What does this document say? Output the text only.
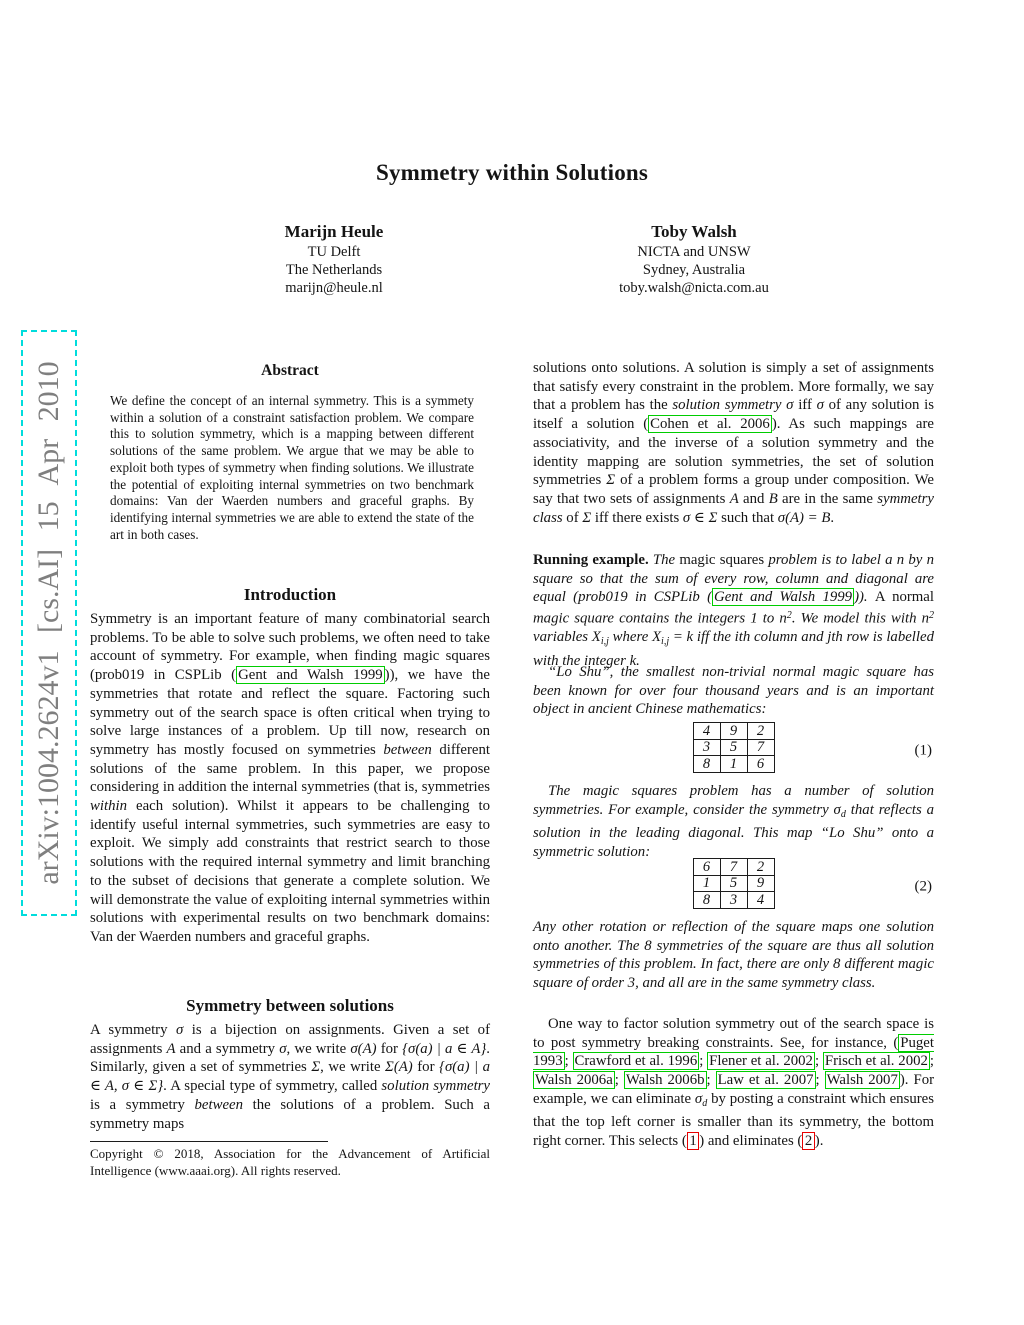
arXiv:1004.2624v1 [cs.AI] 15 Apr 2010
Symmetry within Solutions
Marijn Heule
TU Delft
The Netherlands
marijn@heule.nl
Toby Walsh
NICTA and UNSW
Sydney, Australia
toby.walsh@nicta.com.au
Abstract
We define the concept of an internal symmetry. This is a symmety within a solution of a constraint satisfaction problem. We compare this to solution symmetry, which is a mapping between different solutions of the same problem. We argue that we may be able to exploit both types of symmetry when finding solutions. We illustrate the potential of exploiting internal symmetries on two benchmark domains: Van der Waerden numbers and graceful graphs. By identifying internal symmetries we are able to extend the state of the art in both cases.
Introduction
Symmetry is an important feature of many combinatorial search problems. To be able to solve such problems, we often need to take account of symmetry. For example, when finding magic squares (prob019 in CSPLib ( Gent and Walsh 1999 )), we have the symmetries that rotate and reflect the square. Factoring such symmetry out of the search space is often critical when trying to solve large instances of a problem. Up till now, research on symmetry has mostly focused on symmetries between different solutions of the same problem. In this paper, we propose considering in addition the internal symmetries (that is, symmetries within each solution). Whilst it appears to be challenging to identify useful internal symmetries, such symmetries are easy to exploit. We simply add constraints that restrict search to those solutions with the required internal symmetry and limit branching to the subset of decisions that generate a complete solution. We will demonstrate the value of exploiting internal symmetries within solutions with experimental results on two benchmark domains: Van der Waerden numbers and graceful graphs.
Symmetry between solutions
A symmetry σ is a bijection on assignments. Given a set of assignments A and a symmetry σ, we write σ(A) for {σ(a) | a ∈ A}. Similarly, given a set of symmetries Σ, we write Σ(A) for {σ(a) | a ∈ A, σ ∈ Σ}. A special type of symmetry, called solution symmetry is a symmetry between the solutions of a problem. Such a symmetry maps
Copyright © 2018, Association for the Advancement of Artificial Intelligence (www.aaai.org). All rights reserved.
solutions onto solutions. A solution is simply a set of assignments that satisfy every constraint in the problem. More formally, we say that a problem has the solution symmetry σ iff σ of any solution is itself a solution ( Cohen et al. 2006 ). As such mappings are associativity, and the inverse of a solution symmetry and the identity mapping are solution symmetries, the set of solution symmetries Σ of a problem forms a group under composition. We say that two sets of assignments A and B are in the same symmetry class of Σ iff there exists σ ∈ Σ such that σ(A) = B.
Running example. The magic squares problem is to label a n by n square so that the sum of every row, column and diagonal are equal (prob019 in CSPLib ( Gent and Walsh 1999 )). A normal magic square contains the integers 1 to $n^2$. We model this with $n^2$ variables Xi,j where Xi,j = k iff the ith column and jth row is labelled with the integer k.
“Lo Shu”, the smallest non-trivial normal magic square has been known for over four thousand years and is an important object in ancient Chinese mathematics:
4	9	2
3	5	7
8	1	6
(1)
The magic squares problem has a number of solution symmetries. For example, consider the symmetry σd that reflects a solution in the leading diagonal. This map “Lo Shu” onto a symmetric solution:
6	7	2
1	5	9
8	3	4
(2)
Any other rotation or reflection of the square maps one solution onto another. The 8 symmetries of the square are thus all solution symmetries of this problem. In fact, there are only 8 different magic square of order 3, and all are in the same symmetry class.
One way to factor solution symmetry out of the search space is to post symmetry breaking constraints. See, for instance, ( Puget 1993 ; Crawford et al. 1996 ; Flener et al. 2002 ; Frisch et al. 2002 ; Walsh 2006a ; Walsh 2006b ; Law et al. 2007 ; Walsh 2007 ). For example, we can eliminate σd by posting a constraint which ensures that the top left corner is smaller than its symmetry, the bottom right corner. This selects ( 1 ) and eliminates ( 2 ).
